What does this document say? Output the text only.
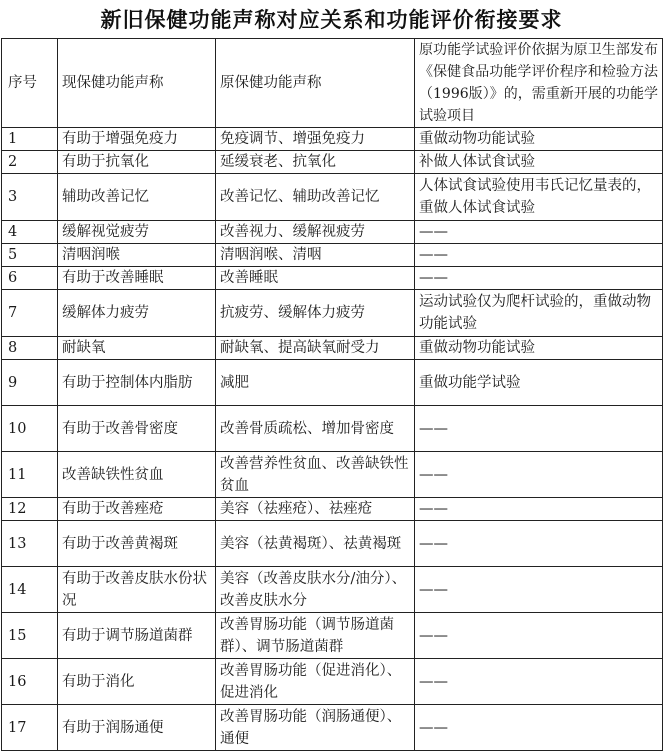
新旧保健功能声称对应关系和功能评价衔接要求
序号	现保健功能声称	原保健功能声称	原功能学试验评价依据为原卫生部发布《保健食品功能学评价程序和检验方法（1996版）》的，需重新开展的功能学试验项目
1	有助于增强免疫力	免疫调节、增强免疫力	重做动物功能试验
2	有助于抗氧化	延缓衰老、抗氧化	补做人体试食试验
3	辅助改善记忆	改善记忆、辅助改善记忆	人体试食试验使用韦氏记忆量表的，重做人体试食试验
4	缓解视觉疲劳	改善视力、缓解视疲劳	——
5	清咽润喉	清咽润喉、清咽	——
6	有助于改善睡眠	改善睡眠	——
7	缓解体力疲劳	抗疲劳、缓解体力疲劳	运动试验仅为爬杆试验的，重做动物功能试验
8	耐缺氧	耐缺氧、提高缺氧耐受力	重做动物功能试验
9	有助于控制体内脂肪	减肥	重做功能学试验
10	有助于改善骨密度	改善骨质疏松、增加骨密度	——
11	改善缺铁性贫血	改善营养性贫血、改善缺铁性贫血	——
12	有助于改善痤疮	美容（祛痤疮）、祛痤疮	——
13	有助于改善黄褐斑	美容（祛黄褐斑）、祛黄褐斑	——
14	有助于改善皮肤水份状况	美容（改善皮肤水分/油分）、改善皮肤水分	——
15	有助于调节肠道菌群	改善胃肠功能（调节肠道菌群）、调节肠道菌群	——
16	有助于消化	改善胃肠功能（促进消化）、促进消化	——
17	有助于润肠通便	改善胃肠功能（润肠通便）、通便	——
